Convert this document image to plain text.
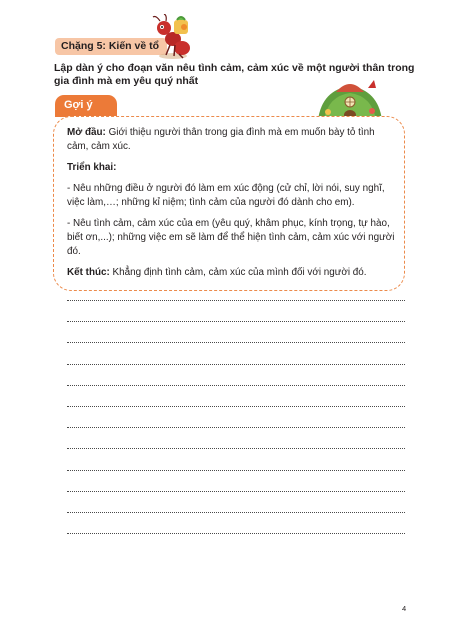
Chặng 5: Kiến về tổ
Lập dàn ý cho đoạn văn nêu tình cảm, cảm xúc về một người thân trong gia đình mà em yêu quý nhất
Gợi ý

Mở đầu: Giới thiệu người thân trong gia đình mà em muốn bày tỏ tình cảm, cảm xúc.

Triển khai:

- Nêu những điều ở người đó làm em xúc động (cử chỉ, lời nói, suy nghĩ, việc làm,…; những kỉ niệm; tình cảm của người đó dành cho em).

- Nêu tình cảm, cảm xúc của em (yêu quý, khâm phục, kính trọng, tự hào, biết ơn,...); những việc em sẽ làm để thể hiện tình cảm, cảm xúc với người đó.

Kết thúc: Khẳng định tình cảm, cảm xúc của mình đối với người đó.

4
